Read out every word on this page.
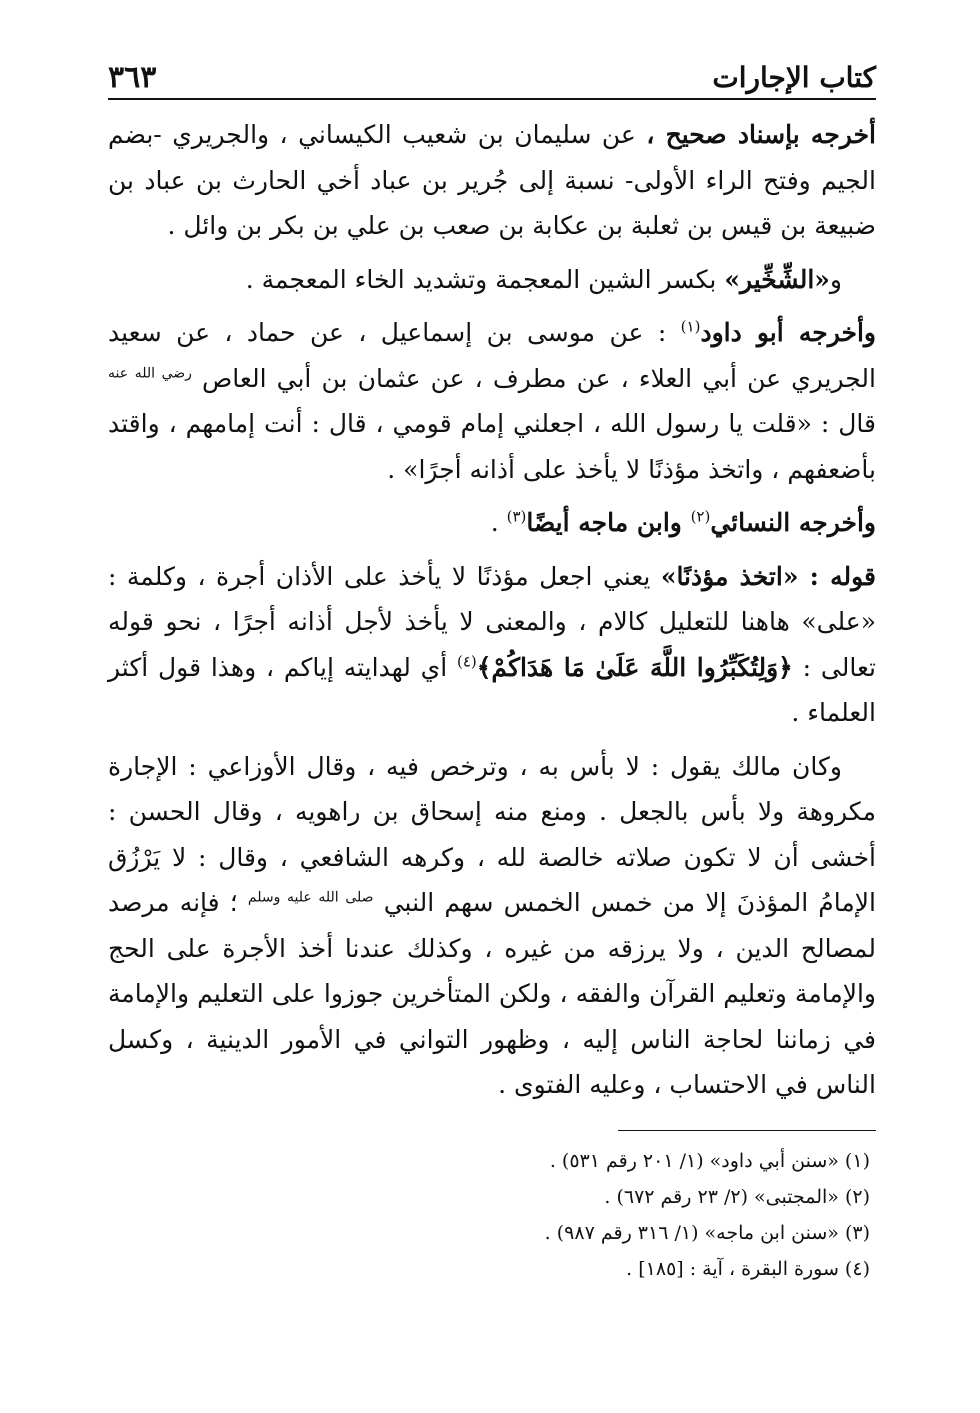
كتاب الإجارات
٣٦٣

أخرجه بإسناد صحيح ، عن سليمان بن شعيب الكيساني ، والجريري -بضم الجيم وفتح الراء الأولى- نسبة إلى جُرير بن عباد أخي الحارث بن عباد بن ضبيعة بن قيس بن ثعلبة بن عكابة بن صعب بن علي بن بكر بن وائل .

و«الشِّخِّير» بكسر الشين المعجمة وتشديد الخاء المعجمة .

وأخرجه أبو داود$^{(١)}$ : عن موسى بن إسماعيل ، عن حماد ، عن سعيد الجريري عن أبي العلاء ، عن مطرف ، عن عثمان بن أبي العاص $^{رضي الله عنه}$ قال : «قلت يا رسول الله ، اجعلني إمام قومي ، قال : أنت إمامهم ، واقتد بأضعفهم ، واتخذ مؤذنًا لا يأخذ على أذانه أجرًا» .

وأخرجه النسائي$^{(٢)}$ وابن ماجه أيضًا$^{(٣)}$ .

قوله : «اتخذ مؤذنًا» يعني اجعل مؤذنًا لا يأخذ على الأذان أجرة ، وكلمة : «على» هاهنا للتعليل كالام ، والمعنى لا يأخذ لأجل أذانه أجرًا ، نحو قوله تعالى : ﴿وَلِتُكَبِّرُوا اللَّهَ عَلَىٰ مَا هَدَاكُمْ﴾$^{(٤)}$ أي لهدايته إياكم ، وهذا قول أكثر العلماء .

وكان مالك يقول : لا بأس به ، وترخص فيه ، وقال الأوزاعي : الإجارة مكروهة ولا بأس بالجعل . ومنع منه إسحاق بن راهويه ، وقال الحسن : أخشى أن لا تكون صلاته خالصة لله ، وكرهه الشافعي ، وقال : لا يَرْزُق الإمامُ المؤذنَ إلا من خمس الخمس سهم النبي $^{صلى الله عليه وسلم}$ ؛ فإنه مرصد لمصالح الدين ، ولا يرزقه من غيره ، وكذلك عندنا أخذ الأجرة على الحج والإمامة وتعليم القرآن والفقه ، ولكن المتأخرين جوزوا على التعليم والإمامة في زماننا لحاجة الناس إليه ، وظهور التواني في الأمور الدينية ، وكسل الناس في الاحتساب ، وعليه الفتوى .

(١) «سنن أبي داود» (١/ ٢٠١ رقم ٥٣١) .

(٢) «المجتبى» (٢/ ٢٣ رقم ٦٧٢) .

(٣) «سنن ابن ماجه» (١/ ٣١٦ رقم ٩٨٧) .

(٤) سورة البقرة ، آية : [١٨٥] .
